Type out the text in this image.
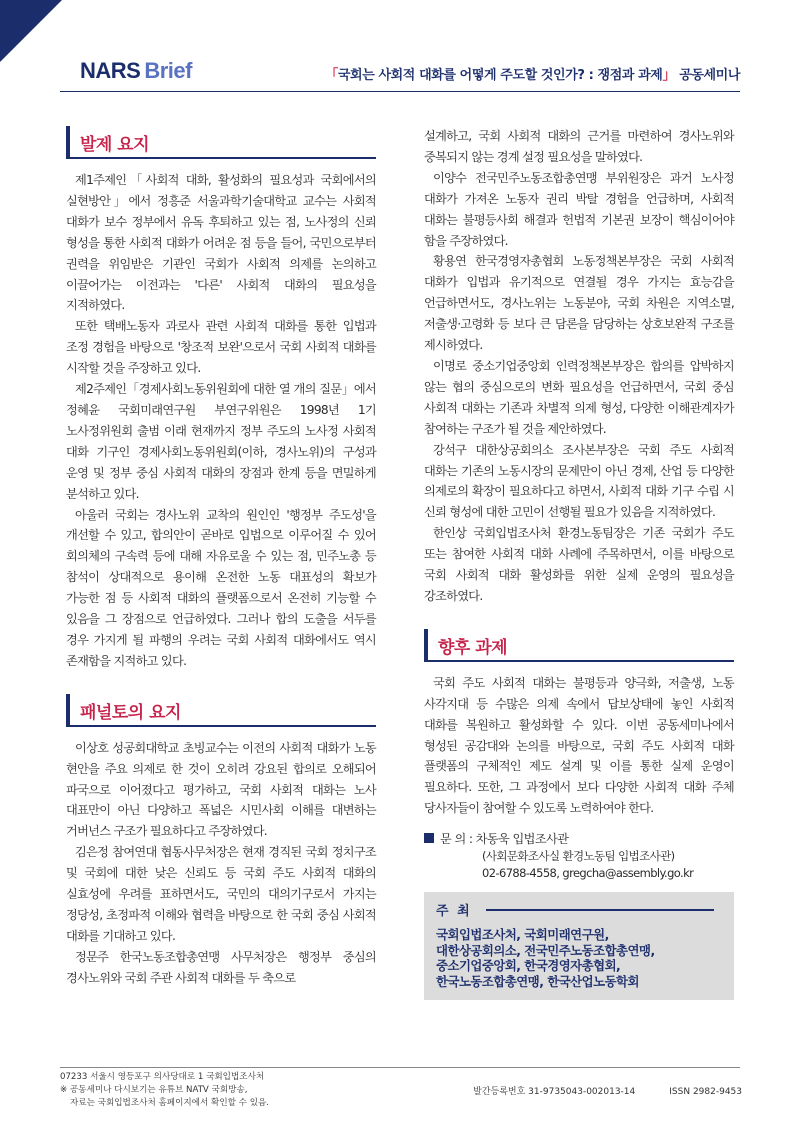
NARS Brief	「국회는 사회적 대화를 어떻게 주도할 것인가? : 쟁점과 과제」 공동세미나
발제 요지

제1주제인「사회적 대화, 활성화의 필요성과 국회에서의 실현방안」에서 정흥준 서울과학기술대학교 교수는 사회적 대화가 보수 정부에서 유독 후퇴하고 있는 점, 노사정의 신뢰 형성을 통한 사회적 대화가 어려운 점 등을 들어, 국민으로부터 권력을 위임받은 기관인 국회가 사회적 의제를 논의하고 이끌어가는 이전과는 '다른' 사회적 대화의 필요성을 지적하였다.

또한 택배노동자 과로사 관련 사회적 대화를 통한 입법과 조정 경험을 바탕으로 '창조적 보완'으로서 국회 사회적 대화를 시작할 것을 주장하고 있다.

제2주제인「경제사회노동위원회에 대한 열 개의 질문」에서 정혜윤 국회미래연구원 부연구위원은 1998년 1기 노사정위원회 출범 이래 현재까지 정부 주도의 노사정 사회적 대화 기구인 경제사회노동위원회(이하, 경사노위)의 구성과 운영 및 정부 중심 사회적 대화의 장점과 한계 등을 면밀하게 분석하고 있다.

아울러 국회는 경사노위 교착의 원인인 '행정부 주도성'을 개선할 수 있고, 합의안이 곧바로 입법으로 이루어질 수 있어 회의체의 구속력 등에 대해 자유로울 수 있는 점, 민주노총 등 참석이 상대적으로 용이해 온전한 노동 대표성의 확보가 가능한 점 등 사회적 대화의 플랫폼으로서 온전히 기능할 수 있음을 그 장점으로 언급하였다. 그러나 합의 도출을 서두를 경우 가지게 될 파행의 우려는 국회 사회적 대화에서도 역시 존재함을 지적하고 있다.

패널토의 요지

이상호 성공회대학교 초빙교수는 이전의 사회적 대화가 노동 현안을 주요 의제로 한 것이 오히려 강요된 합의로 오해되어 파국으로 이어졌다고 평가하고, 국회 사회적 대화는 노사 대표만이 아닌 다양하고 폭넓은 시민사회 이해를 대변하는 거버넌스 구조가 필요하다고 주장하였다.

김은정 참여연대 협동사무처장은 현재 경직된 국회 정치구조 및 국회에 대한 낮은 신뢰도 등 국회 주도 사회적 대화의 실효성에 우려를 표하면서도, 국민의 대의기구로서 가지는 정당성, 초정파적 이해와 협력을 바탕으로 한 국회 중심 사회적 대화를 기대하고 있다.

정문주 한국노동조합총연맹 사무처장은 행정부 중심의 경사노위와 국회 주관 사회적 대화를 두 축으로

설계하고, 국회 사회적 대화의 근거를 마련하여 경사노위와 중복되지 않는 경계 설정 필요성을 말하였다.

이양수 전국민주노동조합총연맹 부위원장은 과거 노사정 대화가 가져온 노동자 권리 박탈 경험을 언급하며, 사회적 대화는 불평등사회 해결과 헌법적 기본권 보장이 핵심이어야 함을 주장하였다.

황용연 한국경영자총협회 노동정책본부장은 국회 사회적 대화가 입법과 유기적으로 연결될 경우 가지는 효능감을 언급하면서도, 경사노위는 노동분야, 국회 차원은 지역소멸, 저출생·고령화 등 보다 큰 담론을 담당하는 상호보완적 구조를 제시하였다.

이명로 중소기업중앙회 인력정책본부장은 합의를 압박하지 않는 협의 중심으로의 변화 필요성을 언급하면서, 국회 중심 사회적 대화는 기존과 차별적 의제 형성, 다양한 이해관계자가 참여하는 구조가 될 것을 제안하였다.

강석구 대한상공회의소 조사본부장은 국회 주도 사회적 대화는 기존의 노동시장의 문제만이 아닌 경제, 산업 등 다양한 의제로의 확장이 필요하다고 하면서, 사회적 대화 기구 수립 시 신뢰 형성에 대한 고민이 선행될 필요가 있음을 지적하였다.

한인상 국회입법조사처 환경노동팀장은 기존 국회가 주도 또는 참여한 사회적 대화 사례에 주목하면서, 이를 바탕으로 국회 사회적 대화 활성화를 위한 실제 운영의 필요성을 강조하였다.

향후 과제

국회 주도 사회적 대화는 불평등과 양극화, 저출생, 노동 사각지대 등 수많은 의제 속에서 답보상태에 놓인 사회적 대화를 복원하고 활성화할 수 있다. 이번 공동세미나에서 형성된 공감대와 논의를 바탕으로, 국회 주도 사회적 대화 플랫폼의 구체적인 제도 설계 및 이를 통한 실제 운영이 필요하다. 또한, 그 과정에서 보다 다양한 사회적 대화 주체 당사자들이 참여할 수 있도록 노력하여야 한다.

문 의 : 차동욱 입법조사관
(사회문화조사실 환경노동팀 입법조사관)
02-6788-4558, gregcha@assembly.go.kr
주 최
국회입법조사처, 국회미래연구원,
대한상공회의소, 전국민주노동조합총연맹,
중소기업중앙회, 한국경영자총협회,
한국노동조합총연맹, 한국산업노동학회
07233 서울시 영등포구 의사당대로 1 국회입법조사처
※ 공동세미나 다시보기는 유튜브 NATV 국회방송,
자료는 국회입법조사처 홈페이지에서 확인할 수 있음.
발간등록번호 31-9735043-002013-14	ISSN 2982-9453
